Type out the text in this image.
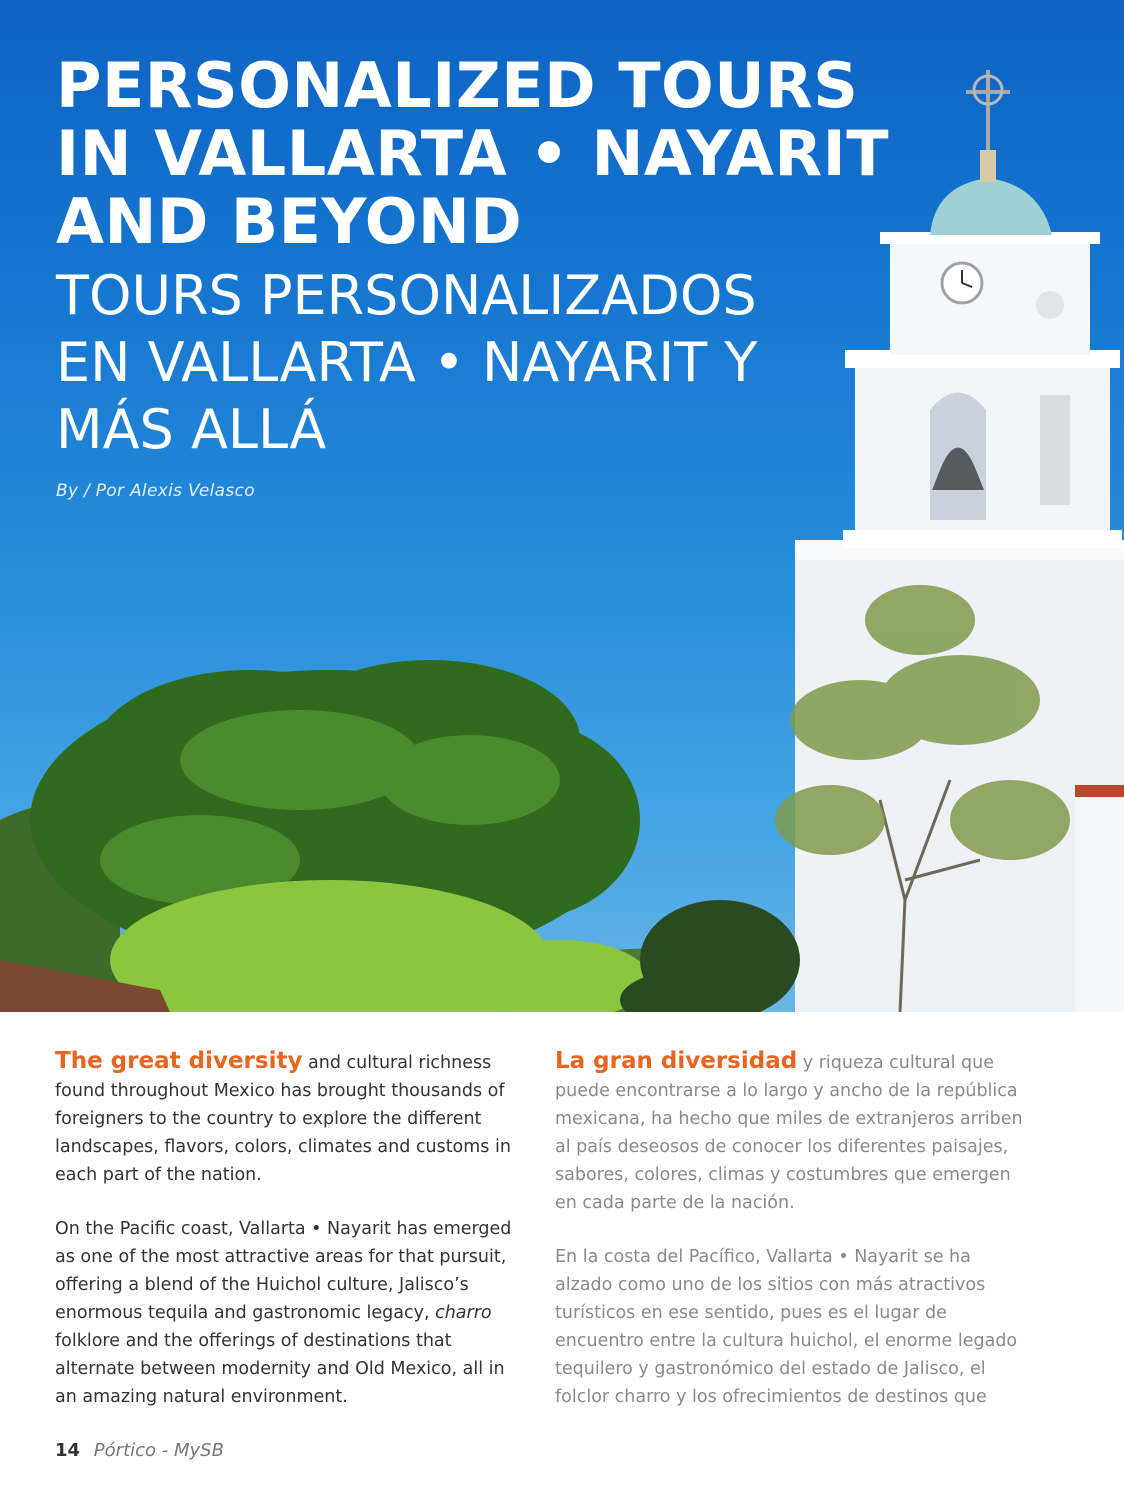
PERSONALIZED TOURS
IN VALLARTA • NAYARIT
AND BEYOND
TOURS PERSONALIZADOS
EN VALLARTA • NAYARIT Y
MÁS ALLÁ
By / Por Alexis Velasco

The great diversity and cultural richness found throughout Mexico has brought thousands of foreigners to the country to explore the different landscapes, flavors, colors, climates and customs in each part of the nation.

On the Pacific coast, Vallarta • Nayarit has emerged as one of the most attractive areas for that pursuit, offering a blend of the Huichol culture, Jalisco’s enormous tequila and gastronomic legacy, charro folklore and the offerings of destinations that alternate between modernity and Old Mexico, all in an amazing natural environment.

La gran diversidad y riqueza cultural que puede encontrarse a lo largo y ancho de la república mexicana, ha hecho que miles de extranjeros arriben al país deseosos de conocer los diferentes paisajes, sabores, colores, climas y costumbres que emergen en cada parte de la nación.

En la costa del Pacífico, Vallarta • Nayarit se ha alzado como uno de los sitios con más atractivos turísticos en ese sentido, pues es el lugar de encuentro entre la cultura huichol, el enorme legado tequilero y gastronómico del estado de Jalisco, el folclor charro y los ofrecimientos de destinos que

14 Pórtico - MySB
